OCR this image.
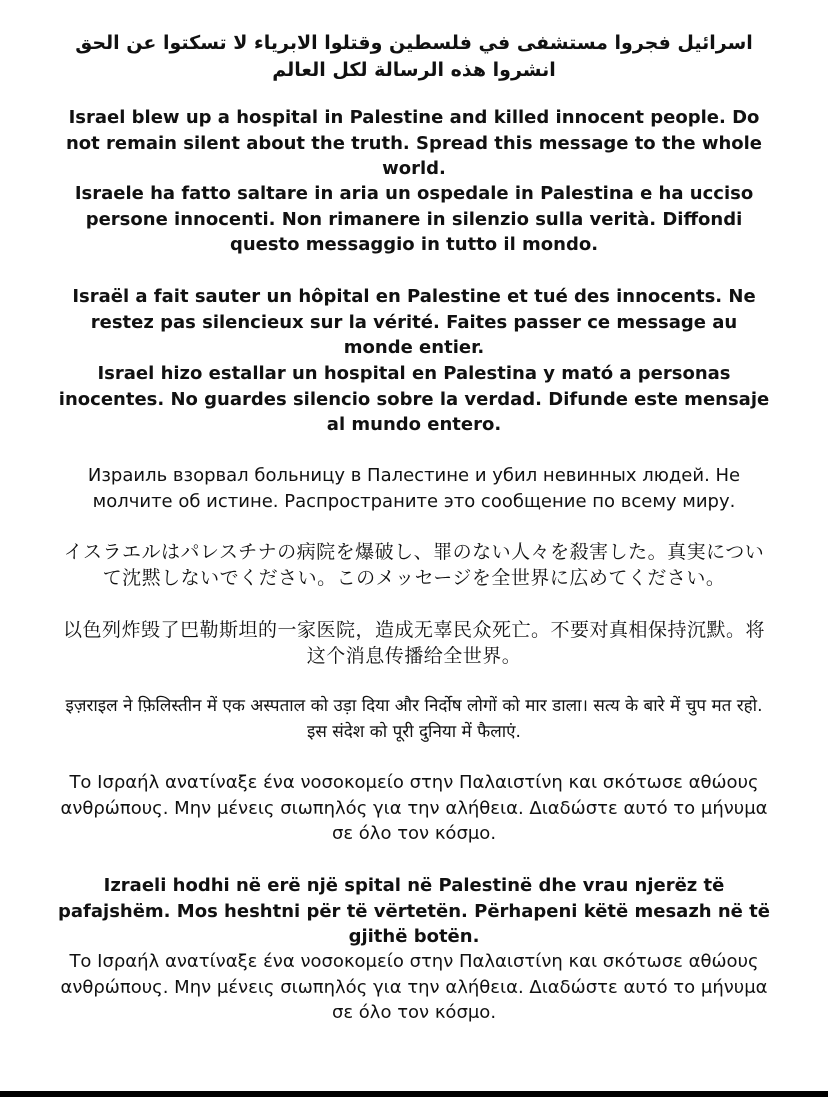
اسرائيل فجروا مستشفى في فلسطين وقتلوا الابرياء لا تسكتوا عن الحق انشروا هذه الرسالة لكل العالم

Israel blew up a hospital in Palestine and killed innocent people. Do not remain silent about the truth. Spread this message to the whole world.

Israele ha fatto saltare in aria un ospedale in Palestina e ha ucciso persone innocenti. Non rimanere in silenzio sulla verità. Diffondi questo messaggio in tutto il mondo.

Israël a fait sauter un hôpital en Palestine et tué des innocents. Ne restez pas silencieux sur la vérité. Faites passer ce message au monde entier.

Israel hizo estallar un hospital en Palestina y mató a personas inocentes. No guardes silencio sobre la verdad. Difunde este mensaje al mundo entero.

Израиль взорвал больницу в Палестине и убил невинных людей. Не молчите об истине. Распространите это сообщение по всему миру.

イスラエルはパレスチナの病院を爆破し、罪のない人々を殺害した。真実について沈黙しないでください。このメッセージを全世界に広めてください。

以色列炸毁了巴勒斯坦的一家医院，造成无辜民众死亡。不要对真相保持沉默。将这个消息传播给全世界。

इज़राइल ने फ़िलिस्तीन में एक अस्पताल को उड़ा दिया और निर्दोष लोगों को मार डाला। सत्य के बारे में चुप मत रहो. इस संदेश को पूरी दुनिया में फैलाएं.

Το Ισραήλ ανατίναξε ένα νοσοκομείο στην Παλαιστίνη και σκότωσε αθώους ανθρώπους. Μην μένεις σιωπηλός για την αλήθεια. Διαδώστε αυτό το μήνυμα σε όλο τον κόσμο.

Izraeli hodhi në erë një spital në Palestinë dhe vrau njerëz të pafajshëm. Mos heshtni për të vërtetën. Përhapeni këtë mesazh në të gjithë botën.

Το Ισραήλ ανατίναξε ένα νοσοκομείο στην Παλαιστίνη και σκότωσε αθώους ανθρώπους. Μην μένεις σιωπηλός για την αλήθεια. Διαδώστε αυτό το μήνυμα σε όλο τον κόσμο.
